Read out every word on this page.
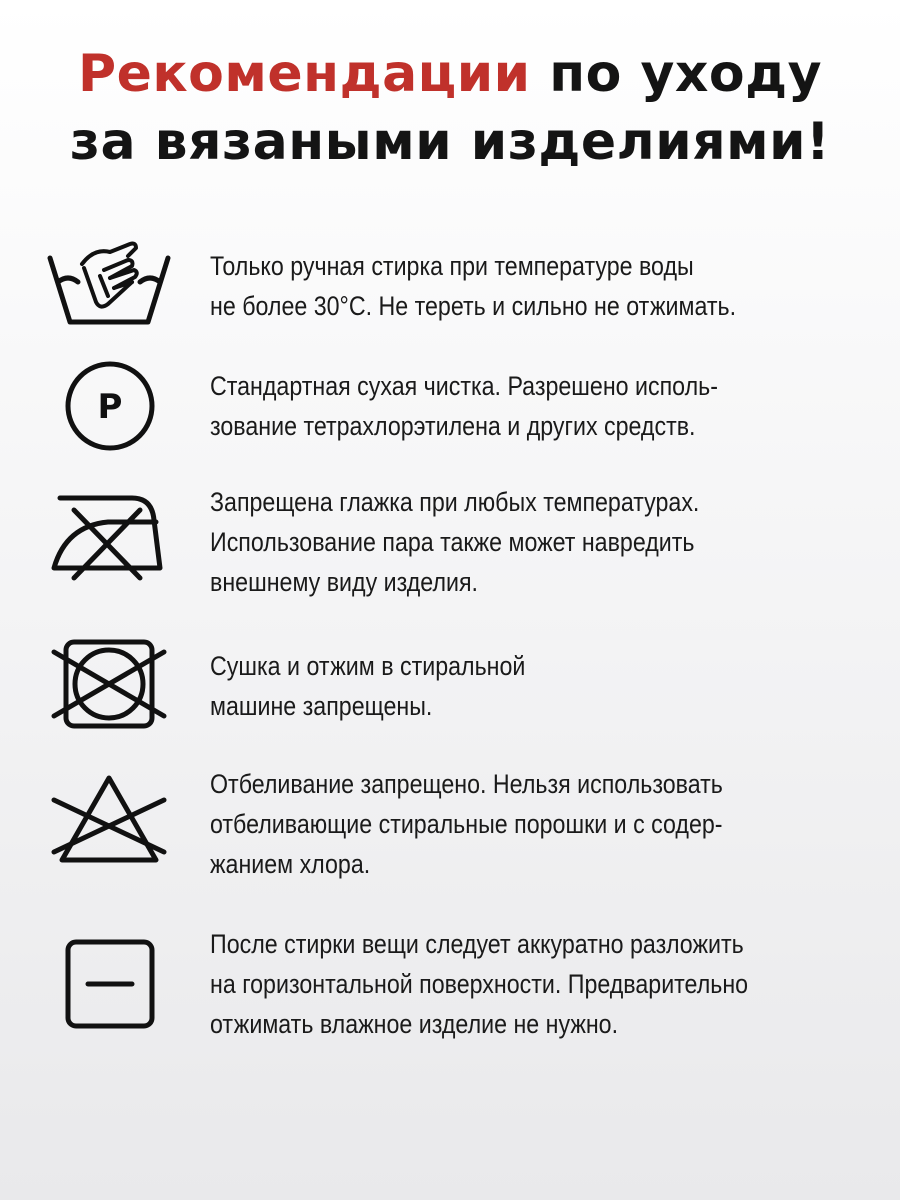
Рекомендации по уходу
за вязаными изделиями!
Только ручная стирка при температуре воды
не более 30°С. Не тереть и сильно не отжимать.
P
Стандартная сухая чистка. Разрешено исполь-
зование тетрахлорэтилена и других средств.
Запрещена глажка при любых температурах.
Использование пара также может навредить
внешнему виду изделия.
Сушка и отжим в стиральной
машине запрещены.
Отбеливание запрещено. Нельзя использовать
отбеливающие стиральные порошки и с содер-
жанием хлора.
После стирки вещи следует аккуратно разложить
на горизонтальной поверхности. Предварительно
отжимать влажное изделие не нужно.
